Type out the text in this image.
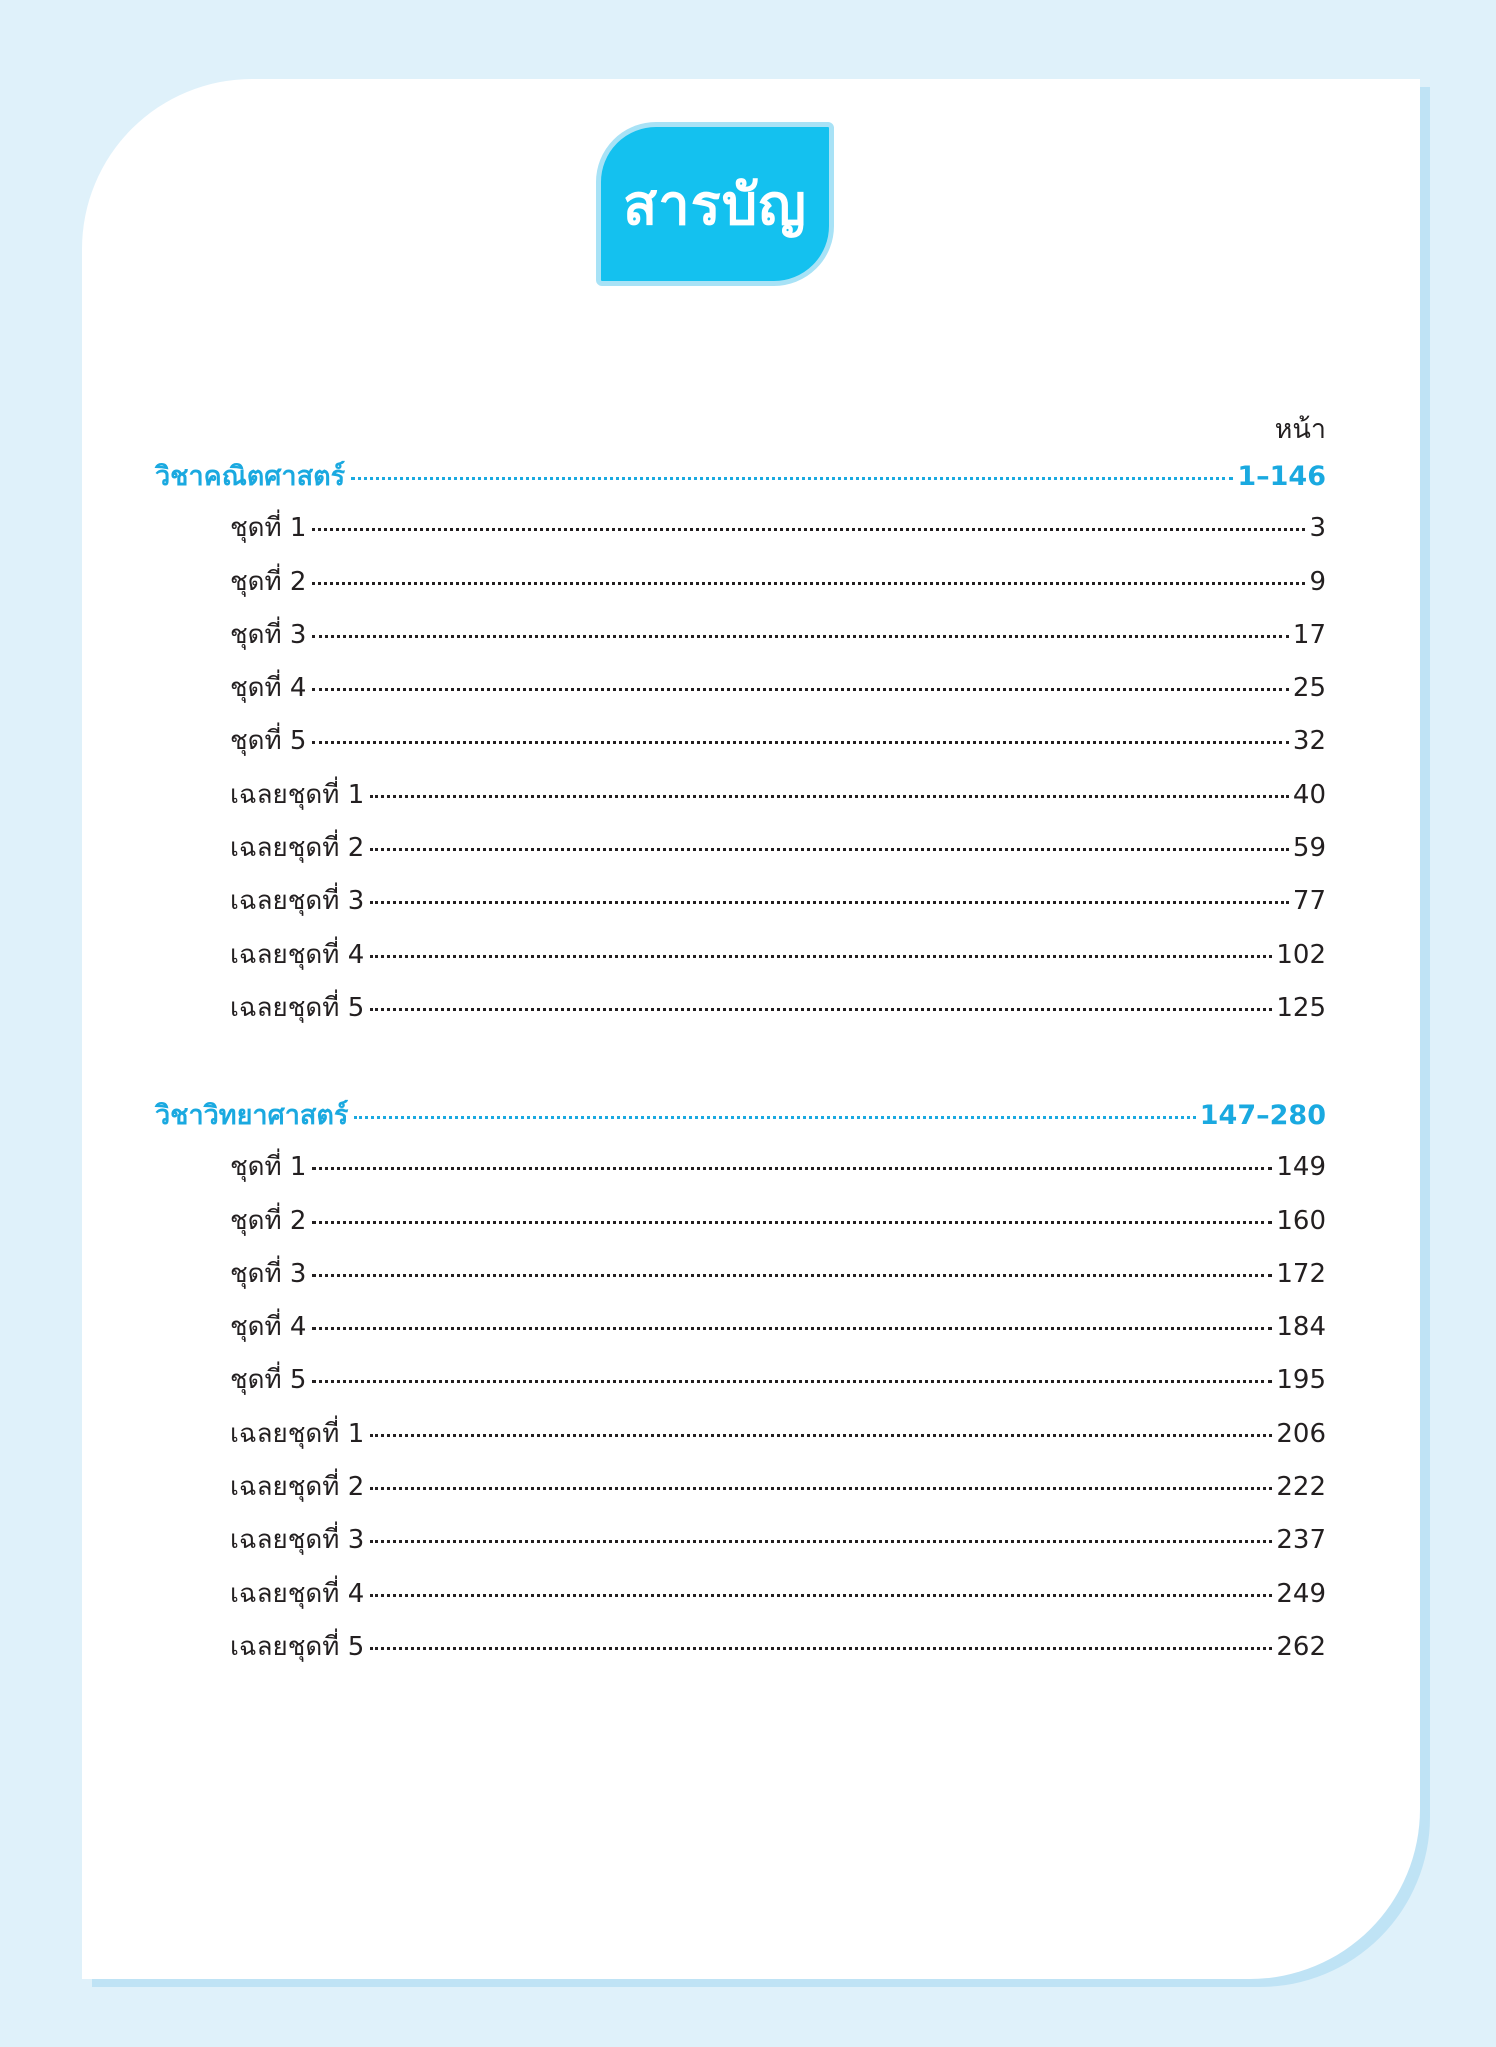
สารบัญ
หน้า
วิชาคณิตศาสตร์	1–146
ชุดที่ 1	3
ชุดที่ 2	9
ชุดที่ 3	17
ชุดที่ 4	25
ชุดที่ 5	32
เฉลยชุดที่ 1	40
เฉลยชุดที่ 2	59
เฉลยชุดที่ 3	77
เฉลยชุดที่ 4	102
เฉลยชุดที่ 5	125
วิชาวิทยาศาสตร์	147–280
ชุดที่ 1	149
ชุดที่ 2	160
ชุดที่ 3	172
ชุดที่ 4	184
ชุดที่ 5	195
เฉลยชุดที่ 1	206
เฉลยชุดที่ 2	222
เฉลยชุดที่ 3	237
เฉลยชุดที่ 4	249
เฉลยชุดที่ 5	262
